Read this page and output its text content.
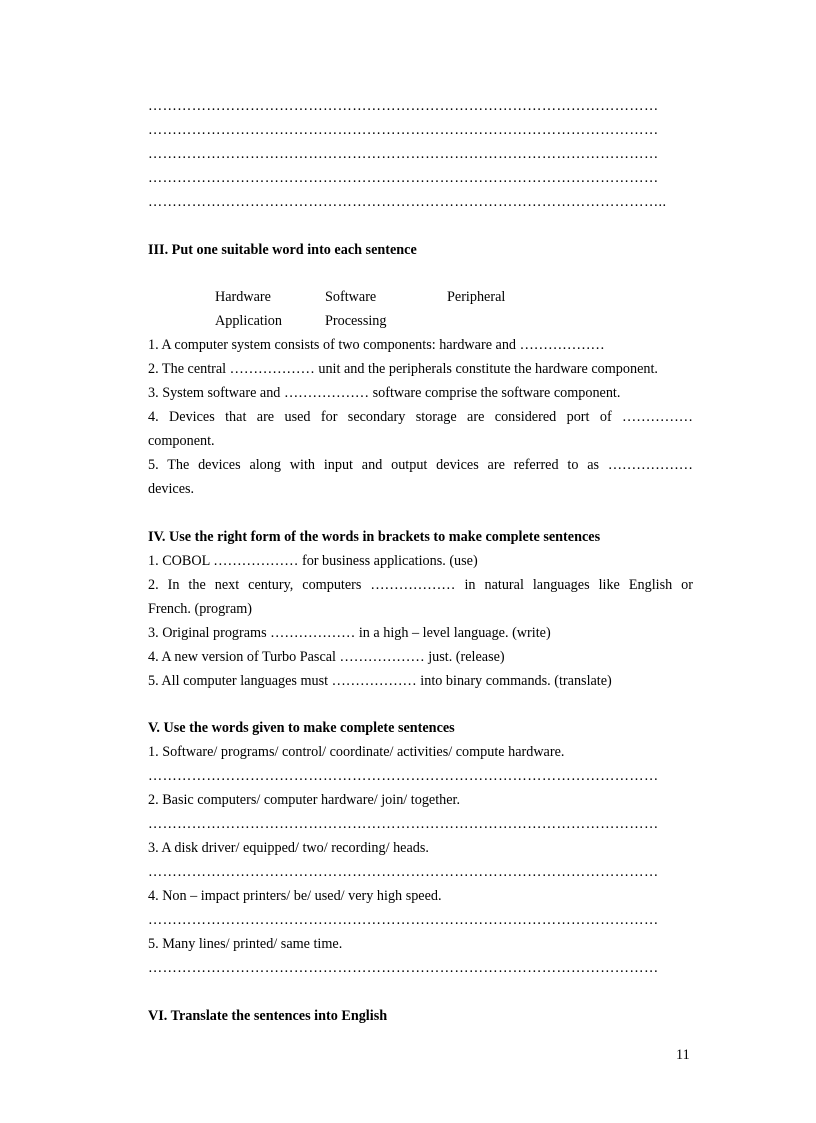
……………………………………………………………………………………………
……………………………………………………………………………………………
……………………………………………………………………………………………
……………………………………………………………………………………………
……………………………………………………………………………………………..
III. Put one suitable word into each sentence
Hardware	Software	Peripheral
Application	Processing
1. A computer system consists of two components: hardware and ………………
2. The central ……………… unit and the peripherals constitute the hardware component.
3. System software and ……………… software comprise the software component.
4. Devices that are used for secondary storage are considered port of ……………
component.
5. The devices along with input and output devices are referred to as ………………
devices.
IV. Use the right form of the words in brackets to make complete sentences
1. COBOL ……………… for business applications. (use)
2. In the next century, computers ……………… in natural languages like English or
French. (program)
3. Original programs ……………… in a high – level language. (write)
4. A new version of Turbo Pascal ……………… just. (release)
5. All computer languages must ……………… into binary commands. (translate)
V. Use the words given to make complete sentences
1. Software/ programs/ control/ coordinate/ activities/ compute hardware.
……………………………………………………………………………………………
2. Basic computers/ computer hardware/ join/ together.
……………………………………………………………………………………………
3. A disk driver/ equipped/ two/ recording/ heads.
……………………………………………………………………………………………
4. Non – impact printers/ be/ used/ very high speed.
……………………………………………………………………………………………
5. Many lines/ printed/ same time.
……………………………………………………………………………………………
VI. Translate the sentences into English
11
